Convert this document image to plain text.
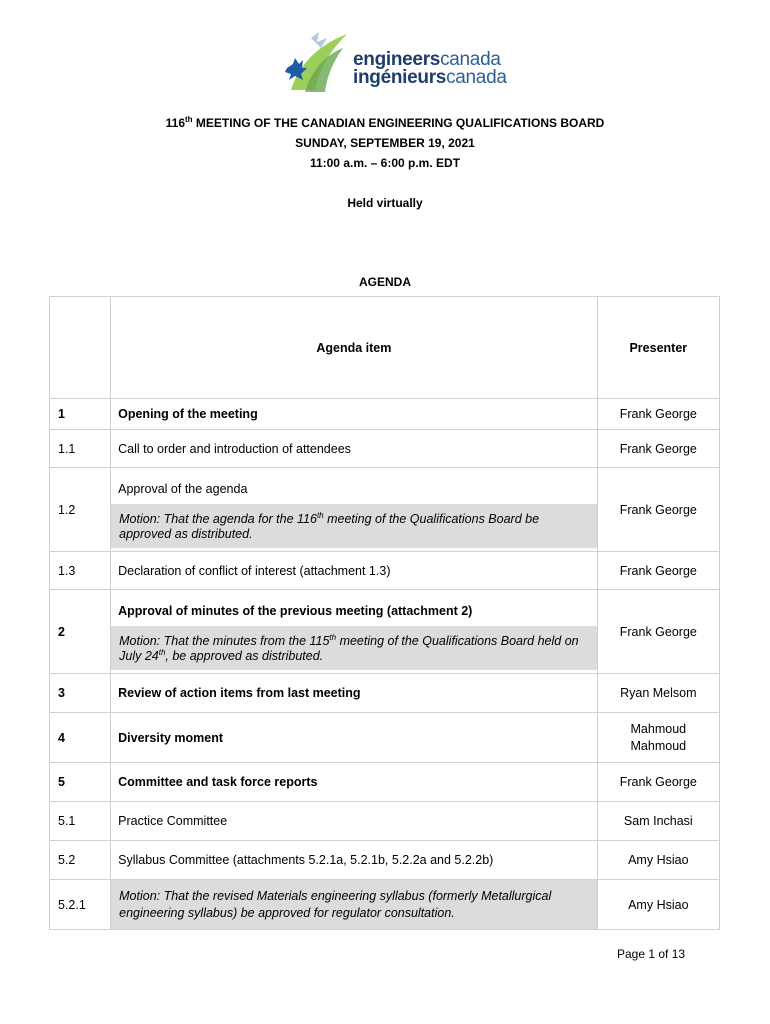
engineerscanada
ingénieurscanada
116th MEETING OF THE CANADIAN ENGINEERING QUALIFICATIONS BOARD
SUNDAY, SEPTEMBER 19, 2021
11:00 a.m. – 6:00 p.m. EDT
Held virtually
AGENDA
	Agenda item	Presenter
1	Opening of the meeting	Frank George
1.1	Call to order and introduction of attendees	Frank George
1.2	Approval of the agenda
Motion: That the agenda for the 116th meeting of the Qualifications Board be approved as distributed.	Frank George
1.3	Declaration of conflict of interest (attachment 1.3)	Frank George
2	Approval of minutes of the previous meeting (attachment 2)
Motion: That the minutes from the 115th meeting of the Qualifications Board held on July 24th, be approved as distributed.	Frank George
3	Review of action items from last meeting	Ryan Melsom
4	Diversity moment	Mahmoud Mahmoud
5	Committee and task force reports	Frank George
5.1	Practice Committee	Sam Inchasi
5.2	Syllabus Committee (attachments 5.2.1a, 5.2.1b, 5.2.2a and 5.2.2b)	Amy Hsiao
5.2.1	Motion: That the revised Materials engineering syllabus (formerly Metallurgical engineering syllabus) be approved for regulator consultation.	Amy Hsiao
Page 1 of 13
